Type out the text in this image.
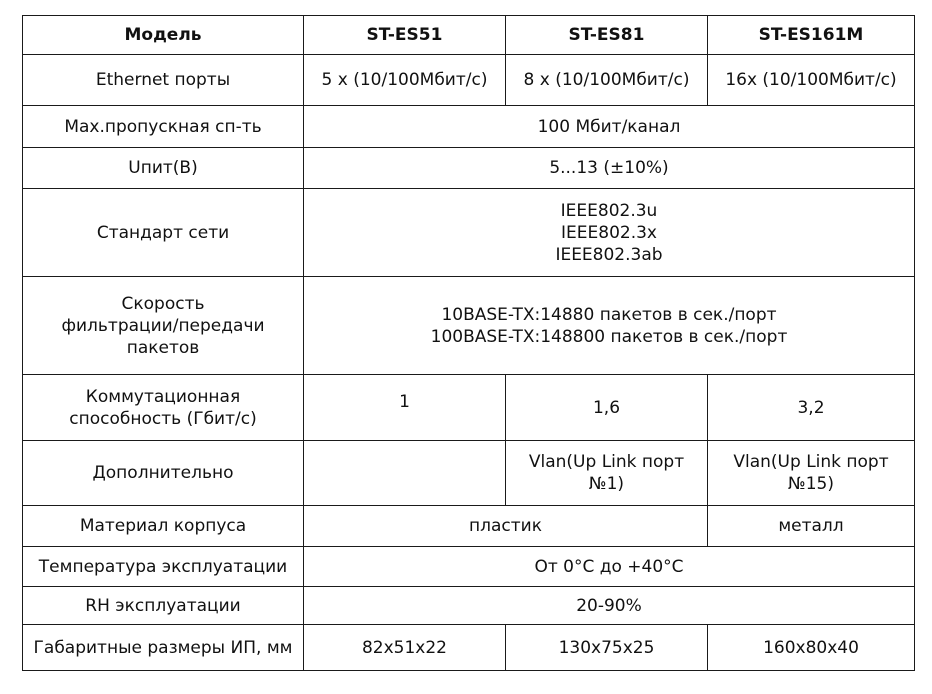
Модель	ST-ES51	ST-ES81	ST-ES161M
Ethernet порты	5 x (10/100Мбит/с)	8 x (10/100Мбит/с)	16x (10/100Мбит/с)
Max.пропускная сп-ть	100 Мбит/канал		
Uпит(В)	5...13 (±10%)		
Стандарт сети	IEEE802.3u
IEEE802.3x
IEEE802.3ab		

Скорость
фильтрации/передачи
пакетов	10BASE-TX:14880 пакетов в сек./порт
100BASE-TX:148800 пакетов в сек./порт		

Коммутационная
способность (Гбит/с)	1	1,6	3,2
Дополнительно		Vlan(Up Link порт
№1)	Vlan(Up Link порт
№15)

Материал корпуса	пластик		металл
Температура эксплуатации	От 0°C до +40°C		
RH эксплуатации	20-90%		
Габаритные размеры ИП, мм	82x51x22	130x75x25	160x80x40
